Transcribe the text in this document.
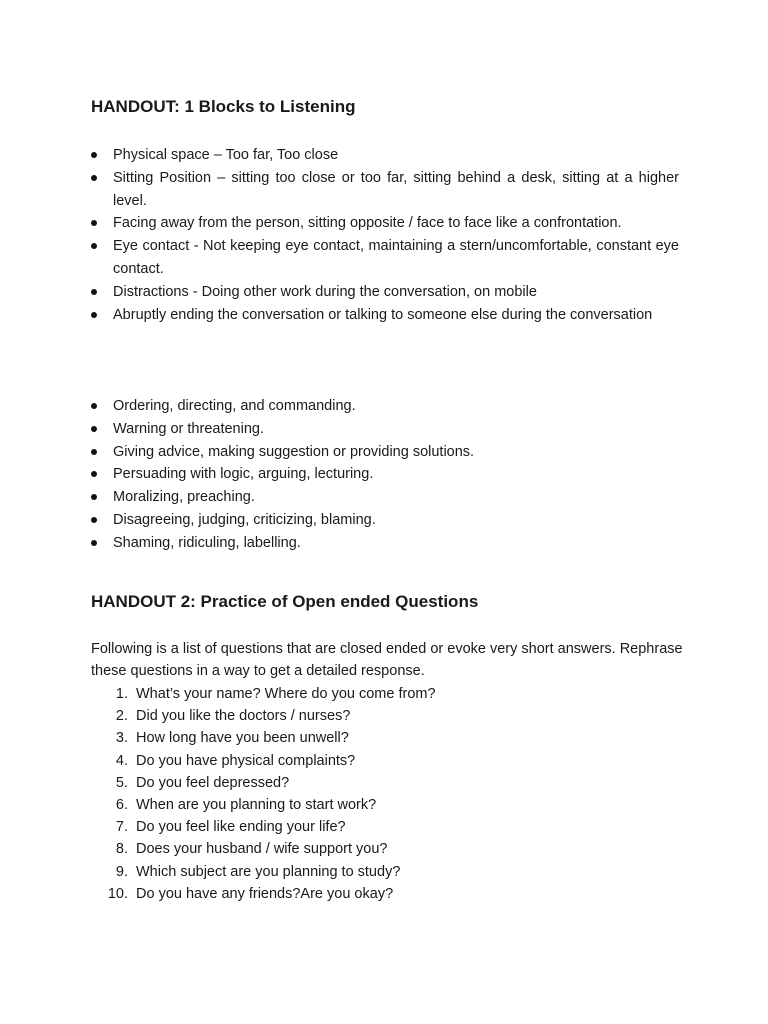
HANDOUT: 1 Blocks to Listening
Physical space – Too far, Too close
Sitting Position – sitting too close or too far, sitting behind a desk, sitting at a higher level.
Facing away from the person, sitting opposite / face to face like a confrontation.
Eye contact - Not keeping eye contact, maintaining a stern/uncomfortable, constant eye contact.
Distractions - Doing other work during the conversation, on mobile
Abruptly ending the conversation or talking to someone else during the conversation
Ordering, directing, and commanding.
Warning or threatening.
Giving advice, making suggestion or providing solutions.
Persuading with logic, arguing, lecturing.
Moralizing, preaching.
Disagreeing, judging, criticizing, blaming.
Shaming, ridiculing, labelling.
HANDOUT 2: Practice of Open ended Questions

Following is a list of questions that are closed ended or evoke very short answers. Rephrase these questions in a way to get a detailed response.

1. What’s your name? Where do you come from?
2. Did you like the doctors / nurses?
3. How long have you been unwell?
4. Do you have physical complaints?
5. Do you feel depressed?
6. When are you planning to start work?
7. Do you feel like ending your life?
8. Does your husband / wife support you?
9. Which subject are you planning to study?
10. Do you have any friends?Are you okay?
